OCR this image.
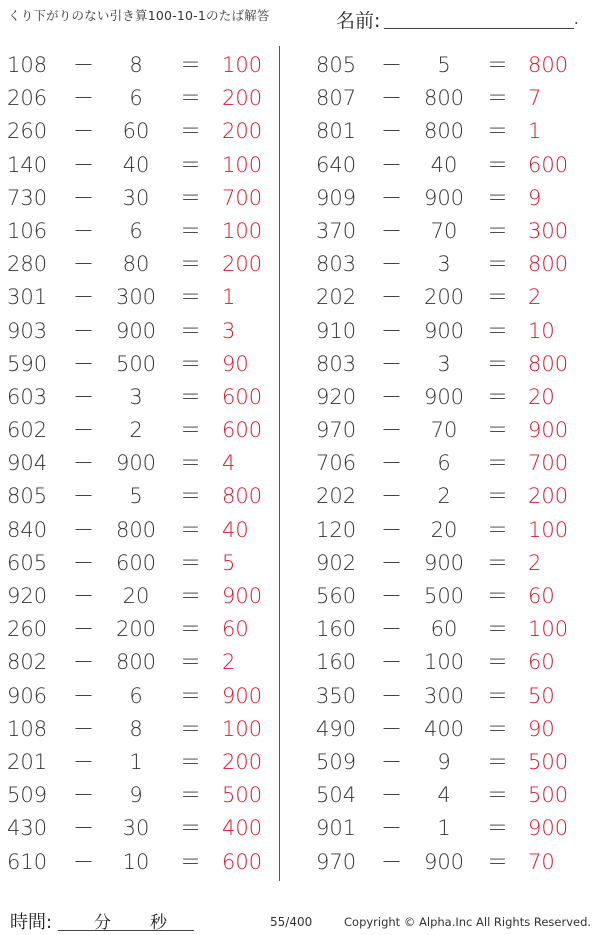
くり下がりのない引き算100-10-1のたば解答	名前:	.
108 －	8	＝ 100
206 －	6	＝ 200
260 －	60	＝ 200
140 －	40	＝ 100
730 －	30	＝ 700
106 －	6	＝ 100
280 －	80	＝ 200
301 －	300	＝ 1
903 －	900	＝ 3
590 －	500	＝ 90
603 －	3	＝ 600
602 －	2	＝ 600
904 －	900	＝ 4
805 －	5	＝ 800
840 －	800	＝ 40
605 －	600	＝ 5
920 －	20	＝ 900
260 －	200	＝ 60
802 －	800	＝ 2
906 －	6	＝ 900
108 －	8	＝ 100
201 －	1	＝ 200
509 －	9	＝ 500
430 －	30	＝ 400
610 －	10	＝ 600
805 －	5	＝ 800
807 －	800	＝ 7
801 －	800	＝ 1
640 －	40	＝ 600
909 －	900	＝ 9
370 －	70	＝ 300
803 －	3	＝ 800
202 －	200	＝ 2
910 －	900	＝ 10
803 －	3	＝ 800
920 －	900	＝ 20
970 －	70	＝ 900
706 －	6	＝ 700
202 －	2	＝ 200
120 －	20	＝ 100
902 －	900	＝ 2
560 －	500	＝ 60
160 －	60	＝ 100
160 －	100	＝ 60
350 －	300	＝ 50
490 －	400	＝ 90
509 －	9	＝ 500
504 －	4	＝ 500
901 －	1	＝ 900
970 －	900	＝ 70
時間: 分 秒	55/400	Copyright © Alpha.Inc All Rights Reserved.
